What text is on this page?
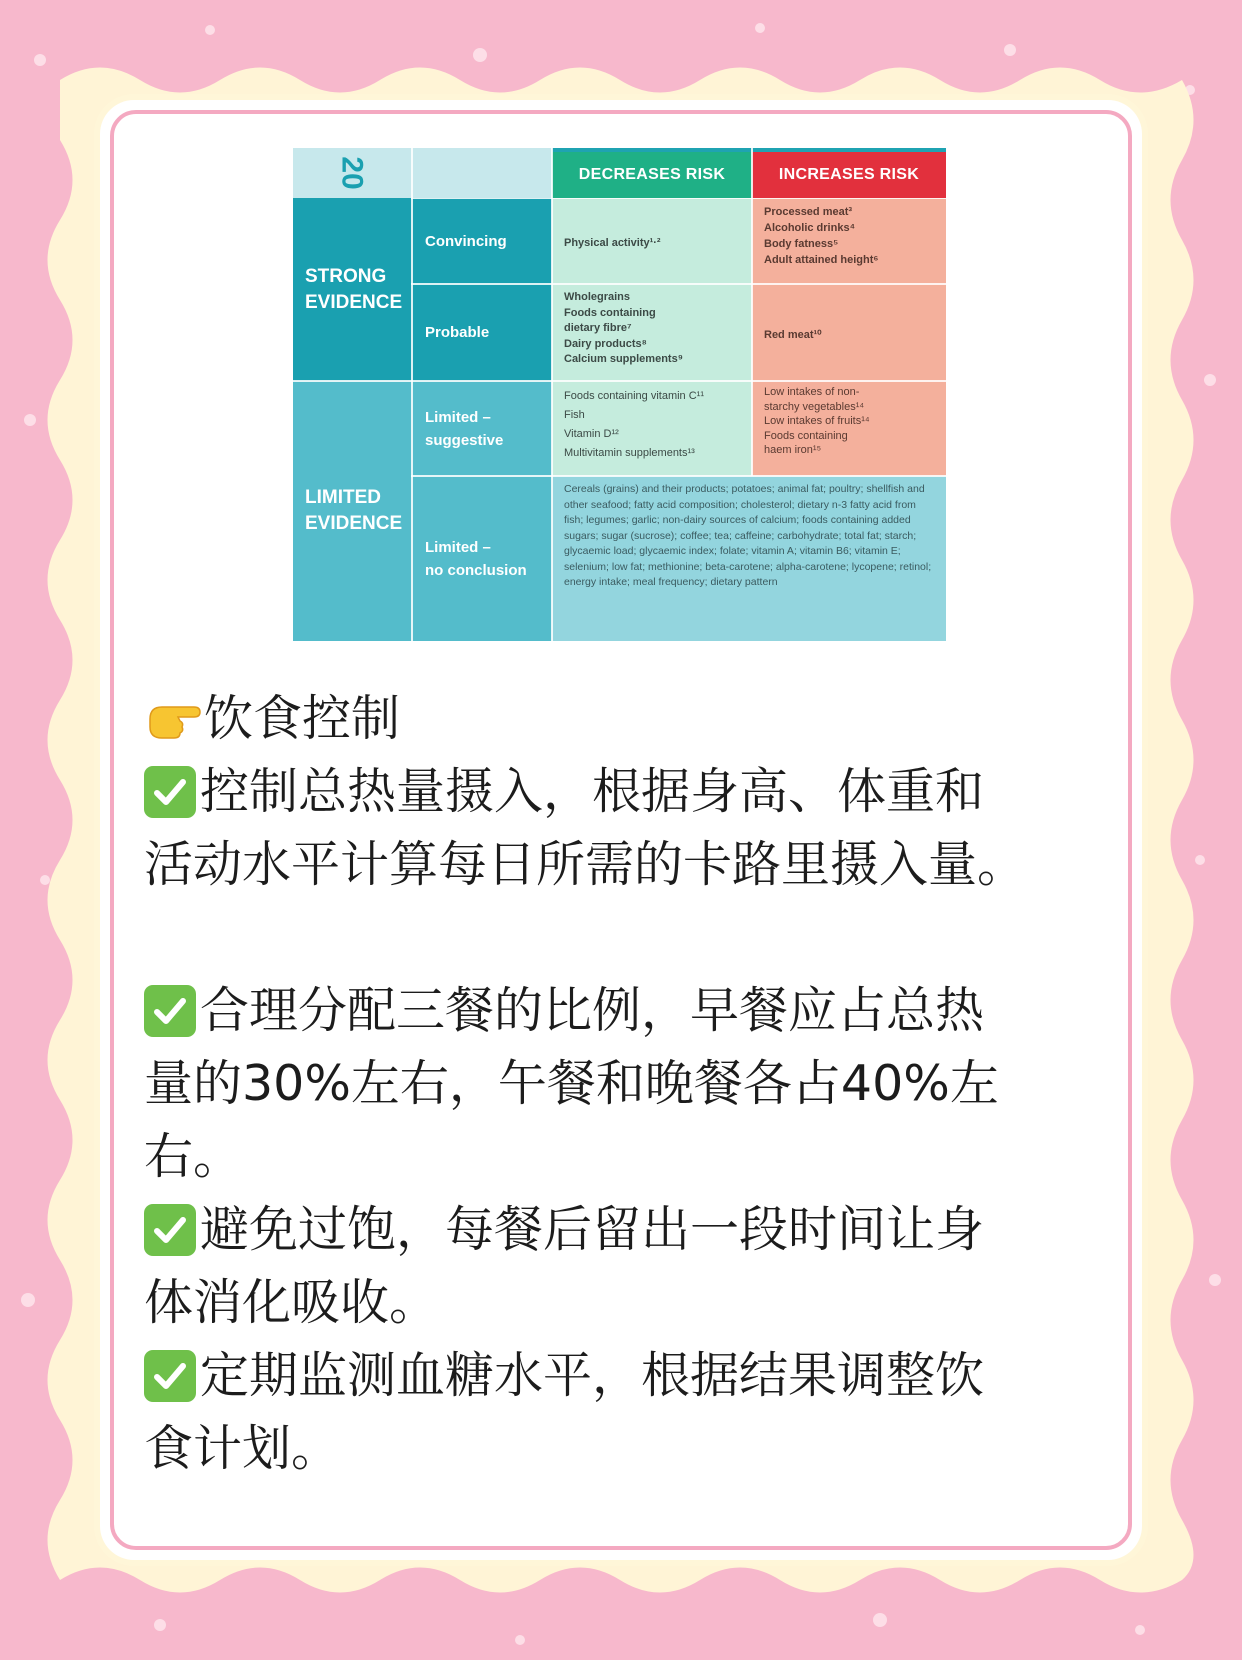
20	DECREASES RISK	INCREASES RISK
STRONG
EVIDENCE
Convincing
Probable
Physical activity¹·²
Processed meat³
Alcoholic drinks⁴
Body fatness⁵
Adult attained height⁶
Wholegrains
Foods containing
dietary fibre⁷
Dairy products⁸
Calcium supplements⁹
Red meat¹⁰
LIMITED
EVIDENCE
Limited –
suggestive
Limited –
no conclusion
Foods containing vitamin C¹¹
Fish
Vitamin D¹²
Multivitamin supplements¹³
Low intakes of non-
starchy vegetables¹⁴
Low intakes of fruits¹⁴
Foods containing
haem iron¹⁵
Cereals (grains) and their products; potatoes; animal fat; poultry; shellfish and other seafood; fatty acid composition; cholesterol; dietary n-3 fatty acid from fish; legumes; garlic; non-dairy sources of calcium; foods containing added sugars; sugar (sucrose); coffee; tea; caffeine; carbohydrate; total fat; starch; glycaemic load; glycaemic index; folate; vitamin A; vitamin B6; vitamin E; selenium; low fat; methionine; beta-carotene; alpha-carotene; lycopene; retinol; energy intake; meal frequency; dietary pattern
饮食控制
控制总热量摄入，根据身高、体重和
活动水平计算每日所需的卡路里摄入量。
合理分配三餐的比例，早餐应占总热
量的30%左右，午餐和晚餐各占40%左
右。
避免过饱，每餐后留出一段时间让身
体消化吸收。
定期监测血糖水平，根据结果调整饮
食计划。
